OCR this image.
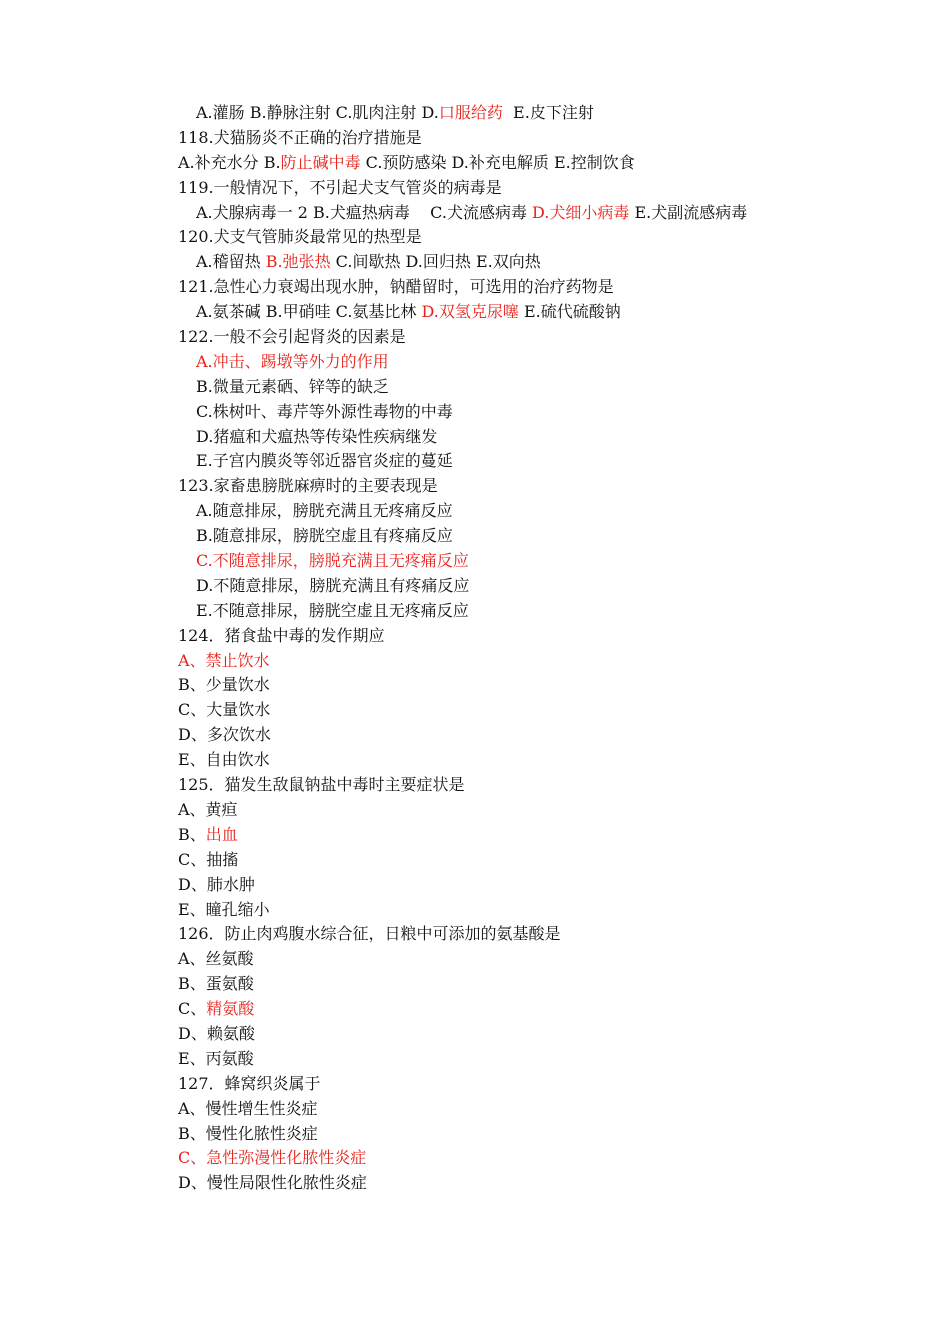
A.灌肠 B.静脉注射 C.肌肉注射 D.口服给药  E.皮下注射
118.犬猫肠炎不正确的治疗措施是
A.补充水分 B.防止碱中毒 C.预防感染 D.补充电解质 E.控制饮食
119.一般情况下，不引起犬支气管炎的病毒是
A.犬腺病毒一 2 B.犬瘟热病毒    C.犬流感病毒 D.犬细小病毒 E.犬副流感病毒
120.犬支气管肺炎最常见的热型是
A.稽留热 B.弛张热 C.间歇热 D.回归热 E.双向热
121.急性心力衰竭出现水肿，钠醋留时，可选用的治疗药物是
A.氨茶碱 B.甲硝哇 C.氨基比林 D.双氢克尿噻 E.硫代硫酸钠
122.一般不会引起肾炎的因素是
A.冲击、踢墩等外力的作用
B.微量元素硒、锌等的缺乏
C.株树叶、毒芹等外源性毒物的中毒
D.猪瘟和犬瘟热等传染性疾病继发
E.子宫内膜炎等邻近器官炎症的蔓延
123.家畜患膀胱麻痹时的主要表现是
A.随意排尿，膀胱充满且无疼痛反应
B.随意排尿，膀胱空虚且有疼痛反应
C.不随意排尿，膀脱充满且无疼痛反应
D.不随意排尿，膀胱充满且有疼痛反应
E.不随意排尿，膀胱空虚且无疼痛反应
124．猪食盐中毒的发作期应
A、禁止饮水
B、少量饮水
C、大量饮水
D、多次饮水
E、自由饮水
125．猫发生敌鼠钠盐中毒时主要症状是
A、黄疸
B、出血
C、抽搐
D、肺水肿
E、瞳孔缩小
126．防止肉鸡腹水综合征，日粮中可添加的氨基酸是
A、丝氨酸
B、蛋氨酸
C、精氨酸
D、赖氨酸
E、丙氨酸
127．蜂窝织炎属于
A、慢性增生性炎症
B、慢性化脓性炎症
C、急性弥漫性化脓性炎症
D、慢性局限性化脓性炎症
